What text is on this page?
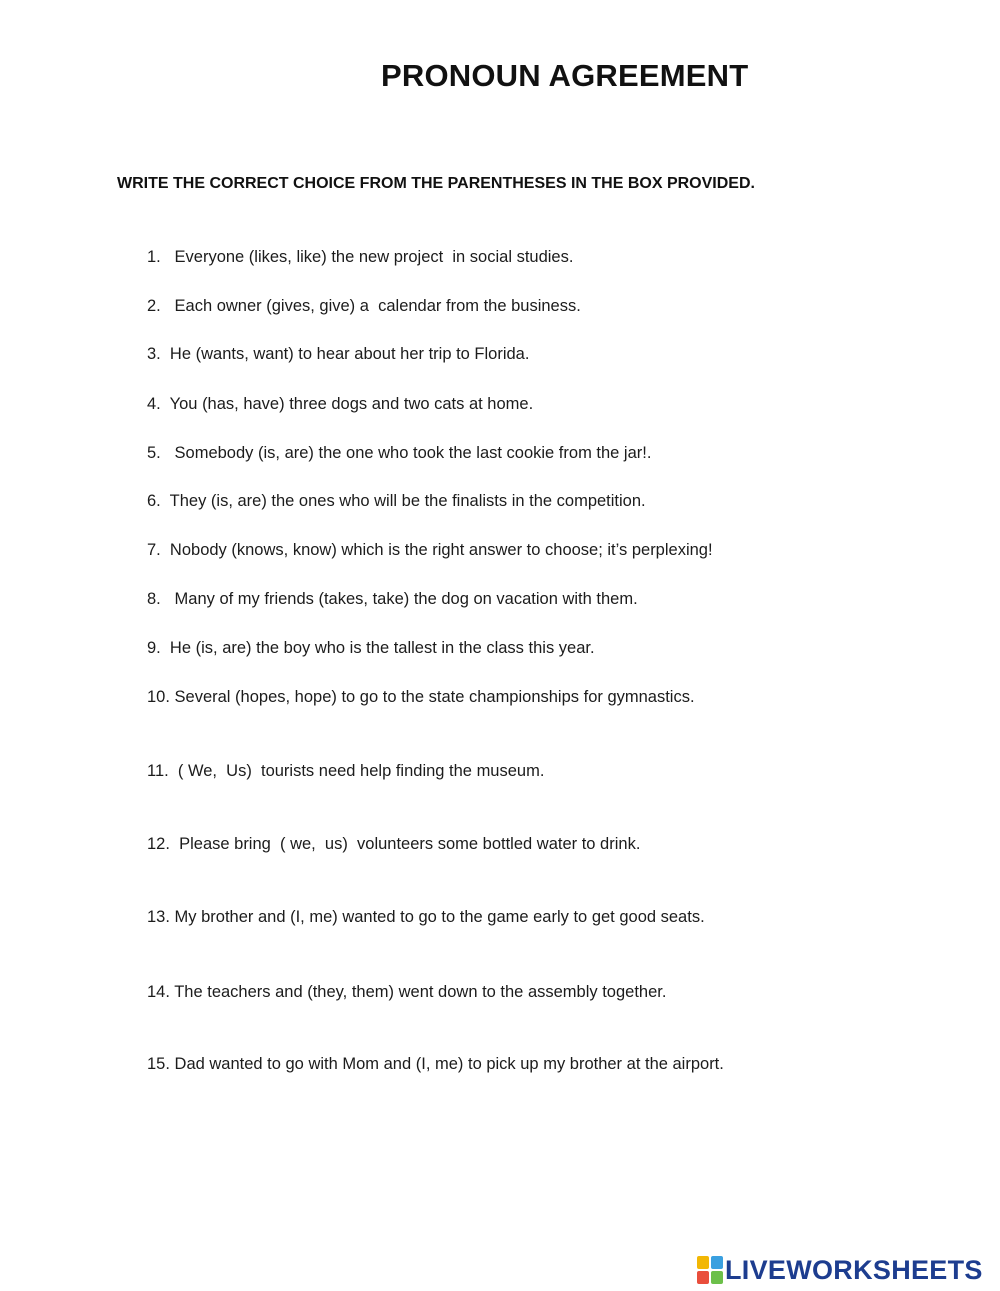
PRONOUN AGREEMENT
WRITE THE CORRECT CHOICE FROM THE PARENTHESES IN THE BOX PROVIDED.
1.   Everyone (likes, like) the new project  in social studies.
2.   Each owner (gives, give) a  calendar from the business.
3.  He (wants, want) to hear about her trip to Florida.
4.  You (has, have) three dogs and two cats at home.
5.   Somebody (is, are) the one who took the last cookie from the jar!.
6.  They (is, are) the ones who will be the finalists in the competition.
7.  Nobody (knows, know) which is the right answer to choose; it’s perplexing!
8.   Many of my friends (takes, take) the dog on vacation with them.
9.  He (is, are) the boy who is the tallest in the class this year.
10. Several (hopes, hope) to go to the state championships for gymnastics.
11.  ( We,  Us)  tourists need help finding the museum.
12.  Please bring  ( we,  us)  volunteers some bottled water to drink.
13. My brother and (I, me) wanted to go to the game early to get good seats.
14. The teachers and (they, them) went down to the assembly together.
15. Dad wanted to go with Mom and (I, me) to pick up my brother at the airport.
LIVEWORKSHEETS
